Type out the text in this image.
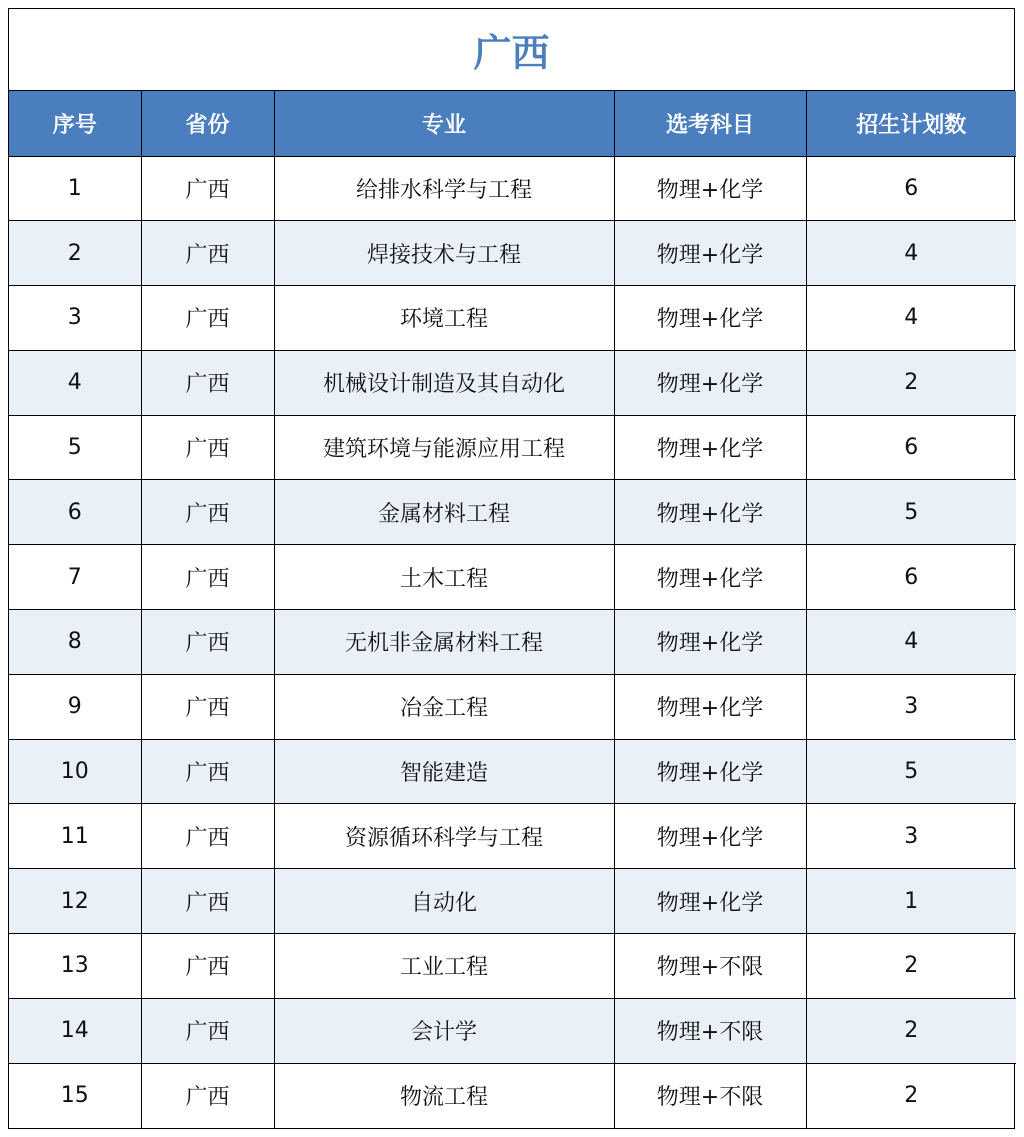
广西
序号	省份	专业	选考科目	招生计划数
1	广西	给排水科学与工程	物理+化学	6
2	广西	焊接技术与工程	物理+化学	4
3	广西	环境工程	物理+化学	4
4	广西	机械设计制造及其自动化	物理+化学	2
5	广西	建筑环境与能源应用工程	物理+化学	6
6	广西	金属材料工程	物理+化学	5
7	广西	土木工程	物理+化学	6
8	广西	无机非金属材料工程	物理+化学	4
9	广西	冶金工程	物理+化学	3
10	广西	智能建造	物理+化学	5
11	广西	资源循环科学与工程	物理+化学	3
12	广西	自动化	物理+化学	1
13	广西	工业工程	物理+不限	2
14	广西	会计学	物理+不限	2
15	广西	物流工程	物理+不限	2
